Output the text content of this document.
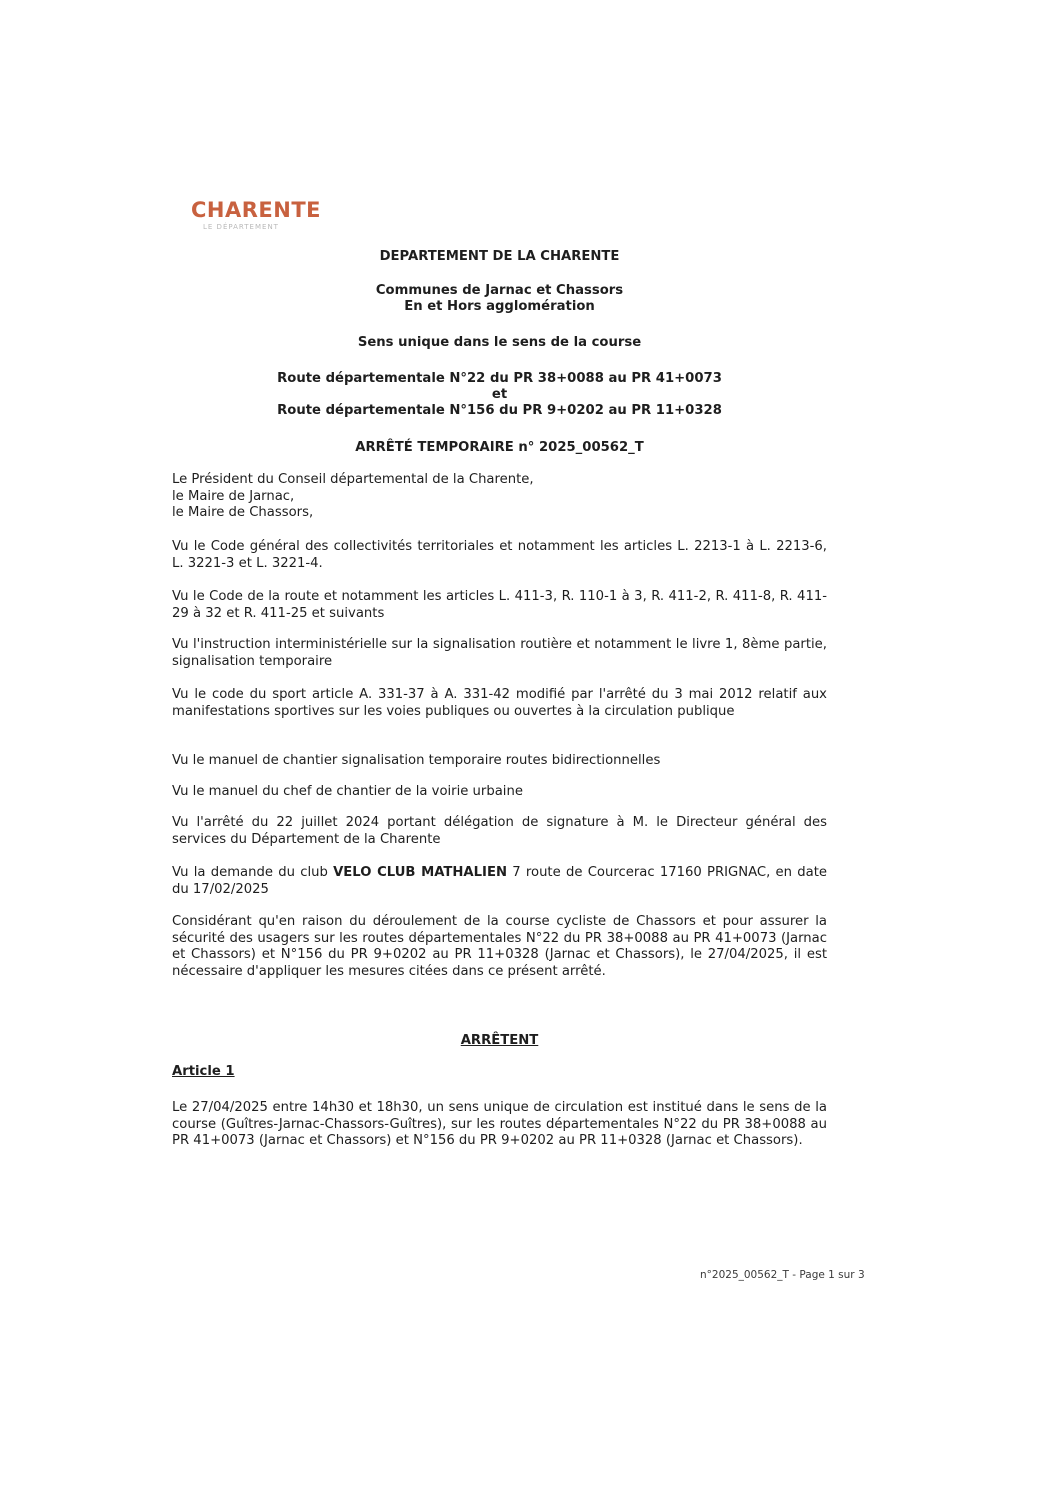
CHARENTE
LE DÉPARTEMENT
DEPARTEMENT DE LA CHARENTE
Communes de Jarnac et Chassors
En et Hors agglomération
Sens unique dans le sens de la course
Route départementale N°22 du PR 38+0088 au PR 41+0073
et
Route départementale N°156 du PR 9+0202 au PR 11+0328
ARRÊTÉ TEMPORAIRE n° 2025_00562_T
Le Président du Conseil départemental de la Charente,
le Maire de Jarnac,
le Maire de Chassors,
Vu le Code général des collectivités territoriales et notamment les articles L. 2213-1 à L. 2213-6, L. 3221-3 et L. 3221-4.
Vu le Code de la route et notamment les articles L. 411-3, R. 110-1 à 3, R. 411-2, R. 411-8, R. 411-29 à 32 et R. 411-25 et suivants
Vu l'instruction interministérielle sur la signalisation routière et notamment le livre 1, 8ème partie, signalisation temporaire
Vu le code du sport article A. 331-37 à A. 331-42 modifié par l'arrêté du 3 mai 2012 relatif aux manifestations sportives sur les voies publiques ou ouvertes à la circulation publique
Vu le manuel de chantier signalisation temporaire routes bidirectionnelles
Vu le manuel du chef de chantier de la voirie urbaine
Vu l'arrêté du 22 juillet 2024 portant délégation de signature à M. le Directeur général des services du Département de la Charente
Vu la demande du club VELO CLUB MATHALIEN 7 route de Courcerac 17160 PRIGNAC, en date du 17/02/2025
Considérant qu'en raison du déroulement de la course cycliste de Chassors et pour assurer la sécurité des usagers sur les routes départementales N°22 du PR 38+0088 au PR 41+0073 (Jarnac et Chassors) et N°156 du PR 9+0202 au PR 11+0328 (Jarnac et Chassors), le 27/04/2025, il est nécessaire d'appliquer les mesures citées dans ce présent arrêté.
ARRÊTENT
Article 1
Le 27/04/2025 entre 14h30 et 18h30, un sens unique de circulation est institué dans le sens de la course (Guîtres-Jarnac-Chassors-Guîtres), sur les routes départementales N°22 du PR 38+0088 au PR 41+0073 (Jarnac et Chassors) et N°156 du PR 9+0202 au PR 11+0328 (Jarnac et Chassors).
n°2025_00562_T - Page 1 sur 3
